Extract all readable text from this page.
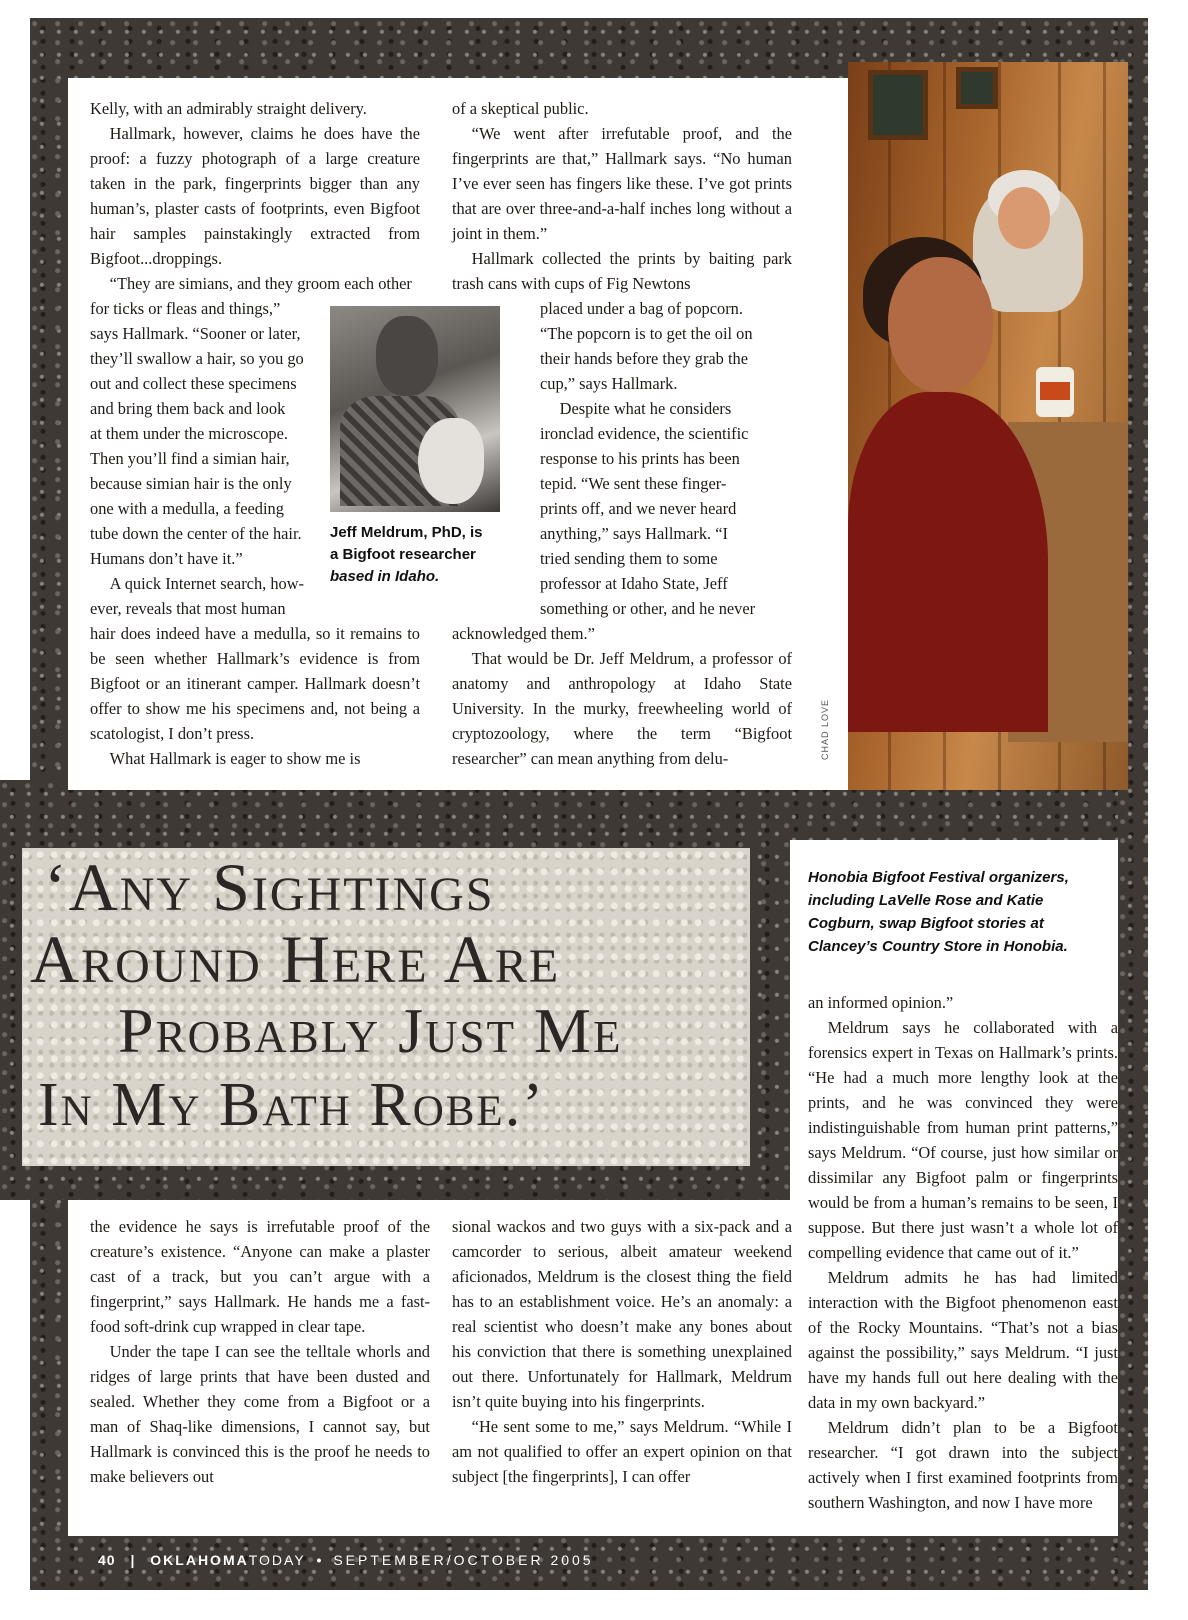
CHAD LOVE

Kelly, with an admirably straight delivery.

Hallmark, however, claims he does have the proof: a fuzzy photograph of a large creature taken in the park, fingerprints bigger than any human’s, plaster casts of footprints, even Bigfoot hair samples painstakingly extracted from Bigfoot...droppings.

“They are simians, and they groom each other

for ticks or fleas and things,”
says Hallmark. “Sooner or later,
they’ll swallow a hair, so you go
out and collect these specimens
and bring them back and look
at them under the microscope.
Then you’ll find a simian hair,
because simian hair is the only
one with a medulla, a feeding
tube down the center of the hair.
Humans don’t have it.”
A quick Internet search, how-
ever, reveals that most human

hair does indeed have a medulla, so it remains to be seen whether Hallmark’s evidence is from Bigfoot or an itinerant camper. Hallmark doesn’t offer to show me his specimens and, not being a scatologist, I don’t press.

What Hallmark is eager to show me is

Jeff Meldrum, PhD, is
a Bigfoot researcher
based in Idaho.

of a skeptical public.

“We went after irrefutable proof, and the fingerprints are that,” Hallmark says. “No human I’ve ever seen has fingers like these. I’ve got prints that are over three-and-a-half inches long without a joint in them.”

Hallmark collected the prints by baiting park trash cans with cups of Fig Newtons

placed under a bag of popcorn.
“The popcorn is to get the oil on
their hands before they grab the
cup,” says Hallmark.
Despite what he considers
ironclad evidence, the scientific
response to his prints has been
tepid. “We sent these finger-
prints off, and we never heard
anything,” says Hallmark. “I
tried sending them to some
professor at Idaho State, Jeff
something or other, and he never

acknowledged them.”

That would be Dr. Jeff Meldrum, a professor of anatomy and anthropology at Idaho State University. In the murky, freewheeling world of cryptozoology, where the term “Bigfoot researcher” can mean anything from delu-

‘Any Sightings
Around Here Are
Probably Just Me
In My Bath Robe.’
Honobia Bigfoot Festival organizers, including LaVelle Rose and Katie Cogburn, swap Bigfoot stories at Clancey’s Country Store in Honobia.

an informed opinion.”

Meldrum says he collaborated with a forensics expert in Texas on Hallmark’s prints. “He had a much more lengthy look at the prints, and he was convinced they were indistinguishable from human print patterns,” says Meldrum. “Of course, just how similar or dissimilar any Bigfoot palm or fingerprints would be from a human’s remains to be seen, I suppose. But there just wasn’t a whole lot of compelling evidence that came out of it.”

Meldrum admits he has had limited interaction with the Bigfoot phenomenon east of the Rocky Mountains. “That’s not a bias against the possibility,” says Meldrum. “I just have my hands full out here dealing with the data in my own backyard.”

Meldrum didn’t plan to be a Bigfoot researcher. “I got drawn into the subject actively when I first examined footprints from southern Washington, and now I have more

the evidence he says is irrefutable proof of the creature’s existence. “Anyone can make a plaster cast of a track, but you can’t argue with a fingerprint,” says Hallmark. He hands me a fast-food soft-drink cup wrapped in clear tape.

Under the tape I can see the telltale whorls and ridges of large prints that have been dusted and sealed. Whether they come from a Bigfoot or a man of Shaq-like dimensions, I cannot say, but Hallmark is convinced this is the proof he needs to make believers out

sional wackos and two guys with a six-pack and a camcorder to serious, albeit amateur weekend aficionados, Meldrum is the closest thing the field has to an establishment voice. He’s an anomaly: a real scientist who doesn’t make any bones about his conviction that there is something unexplained out there. Unfortunately for Hallmark, Meldrum isn’t quite buying into his fingerprints.

“He sent some to me,” says Meldrum. “While I am not qualified to offer an expert opinion on that subject [the fingerprints], I can offer

40 | OKLAHOMATODAY • SEPTEMBER/OCTOBER 2005
